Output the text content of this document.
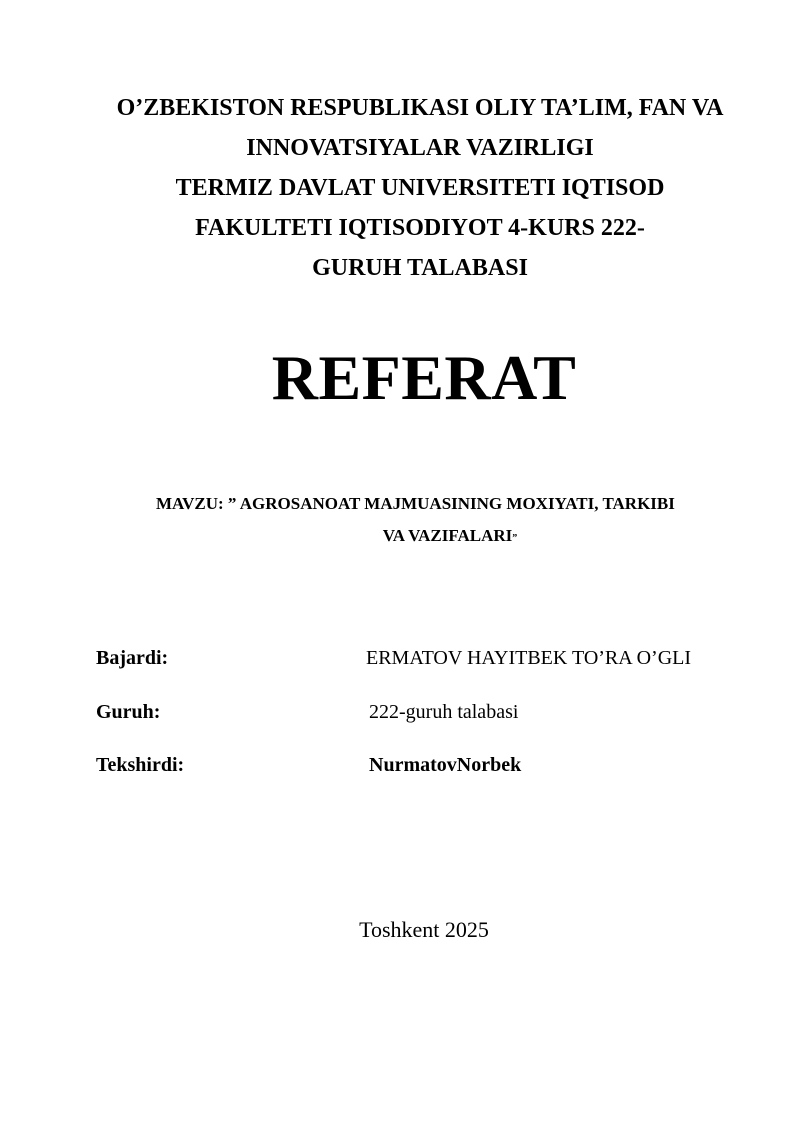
O’ZBEKISTON RESPUBLIKASI OLIY TA’LIM, FAN VA
INNOVATSIYALAR VAZIRLIGI
TERMIZ DAVLAT UNIVERSITETI IQTISOD
FAKULTETI IQTISODIYOT 4-KURS 222-
GURUH TALABASI
REFERAT
MAVZU: ” AGROSANOAT MAJMUASINING MOXIYATI, TARKIBI
VA VAZIFALARI”
Bajardi:	ERMATOV HAYITBEK TO’RA O’GLI
Guruh:	222-guruh talabasi
Tekshirdi:	NurmatovNorbek
Toshkent 2025
